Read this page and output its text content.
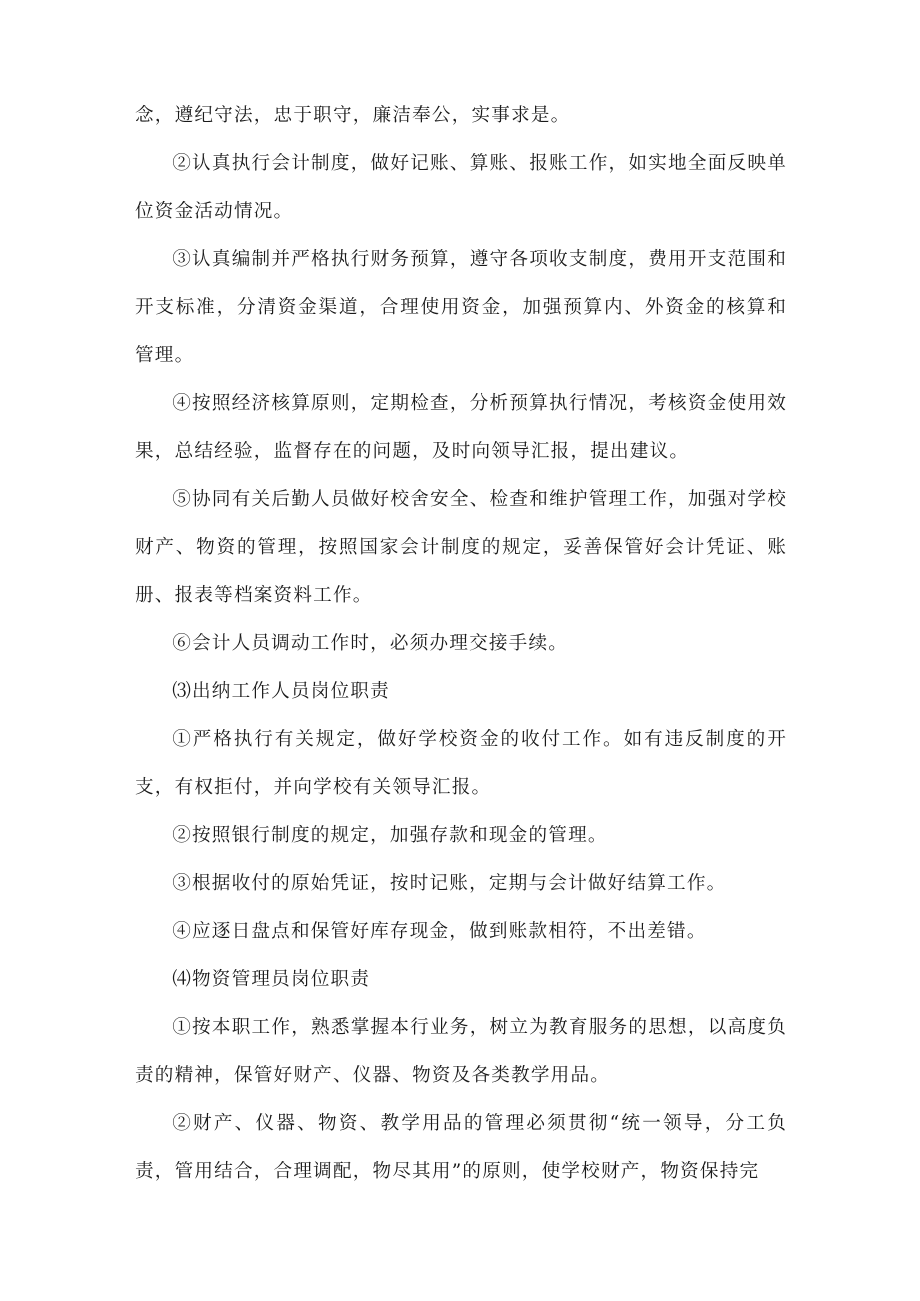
念，遵纪守法，忠于职守，廉洁奉公，实事求是。

②认真执行会计制度，做好记账、算账、报账工作，如实地全面反映单位资金活动情况。

③认真编制并严格执行财务预算，遵守各项收支制度，费用开支范围和开支标准，分清资金渠道，合理使用资金，加强预算内、外资金的核算和管理。

④按照经济核算原则，定期检查，分析预算执行情况，考核资金使用效果，总结经验，监督存在的问题，及时向领导汇报，提出建议。

⑤协同有关后勤人员做好校舍安全、检查和维护管理工作，加强对学校财产、物资的管理，按照国家会计制度的规定，妥善保管好会计凭证、账册、报表等档案资料工作。

⑥会计人员调动工作时，必须办理交接手续。

⑶出纳工作人员岗位职责

①严格执行有关规定，做好学校资金的收付工作。如有违反制度的开支，有权拒付，并向学校有关领导汇报。

②按照银行制度的规定，加强存款和现金的管理。

③根据收付的原始凭证，按时记账，定期与会计做好结算工作。

④应逐日盘点和保管好库存现金，做到账款相符，不出差错。

⑷物资管理员岗位职责

①按本职工作，熟悉掌握本行业务，树立为教育服务的思想，以高度负责的精神，保管好财产、仪器、物资及各类教学用品。

②财产、仪器、物资、教学用品的管理必须贯彻“统一领导，分工负责，管用结合，合理调配，物尽其用”的原则，使学校财产，物资保持完
